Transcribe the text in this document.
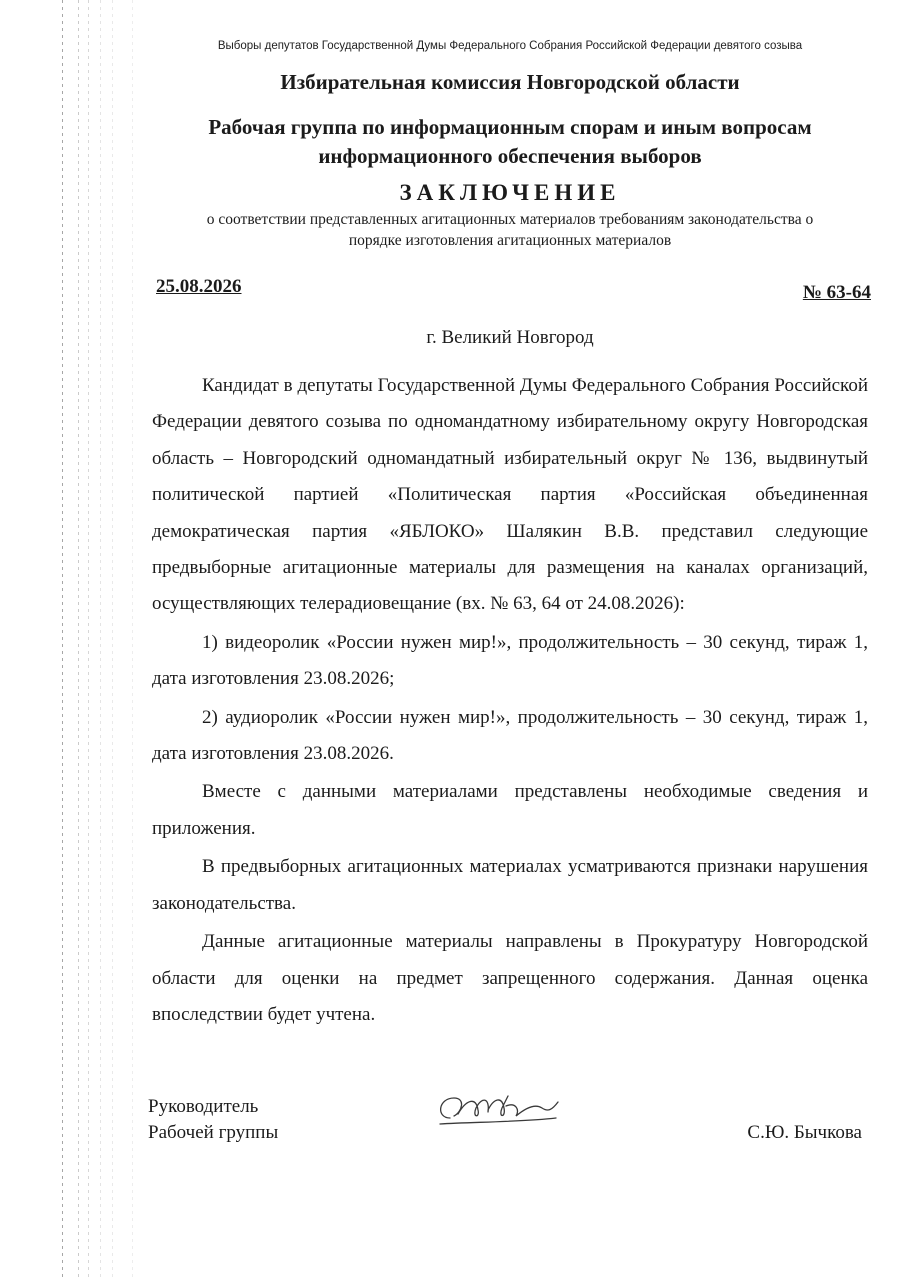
Выборы депутатов Государственной Думы Федерального Собрания Российской Федерации девятого созыва
Избирательная комиссия Новгородской области
Рабочая группа по информационным спорам и иным вопросам
информационного обеспечения выборов
ЗАКЛЮЧЕНИЕ
о соответствии представленных агитационных материалов требованиям законодательства о
порядке изготовления агитационных материалов
25.08.2026	№ 63-64
г. Великий Новгород

Кандидат в депутаты Государственной Думы Федерального Собрания Российской Федерации девятого созыва по одномандатному избирательному округу Новгородская область – Новгородский одномандатный избирательный округ № 136, выдвинутый политической партией «Политическая партия «Российская объединенная демократическая партия «ЯБЛОКО» Шалякин В.В. представил следующие предвыборные агитационные материалы для размещения на каналах организаций, осуществляющих телерадиовещание (вх. № 63, 64 от 24.08.2026):

1) видеоролик «России нужен мир!», продолжительность – 30 секунд, тираж 1, дата изготовления 23.08.2026;

2) аудиоролик «России нужен мир!», продолжительность – 30 секунд, тираж 1, дата изготовления 23.08.2026.

Вместе с данными материалами представлены необходимые сведения и приложения.

В предвыборных агитационных материалах усматриваются признаки нарушения законодательства.

Данные агитационные материалы направлены в Прокуратуру Новгородской области для оценки на предмет запрещенного содержания. Данная оценка впоследствии будет учтена.

Руководитель
Рабочей группы	С.Ю. Бычкова
